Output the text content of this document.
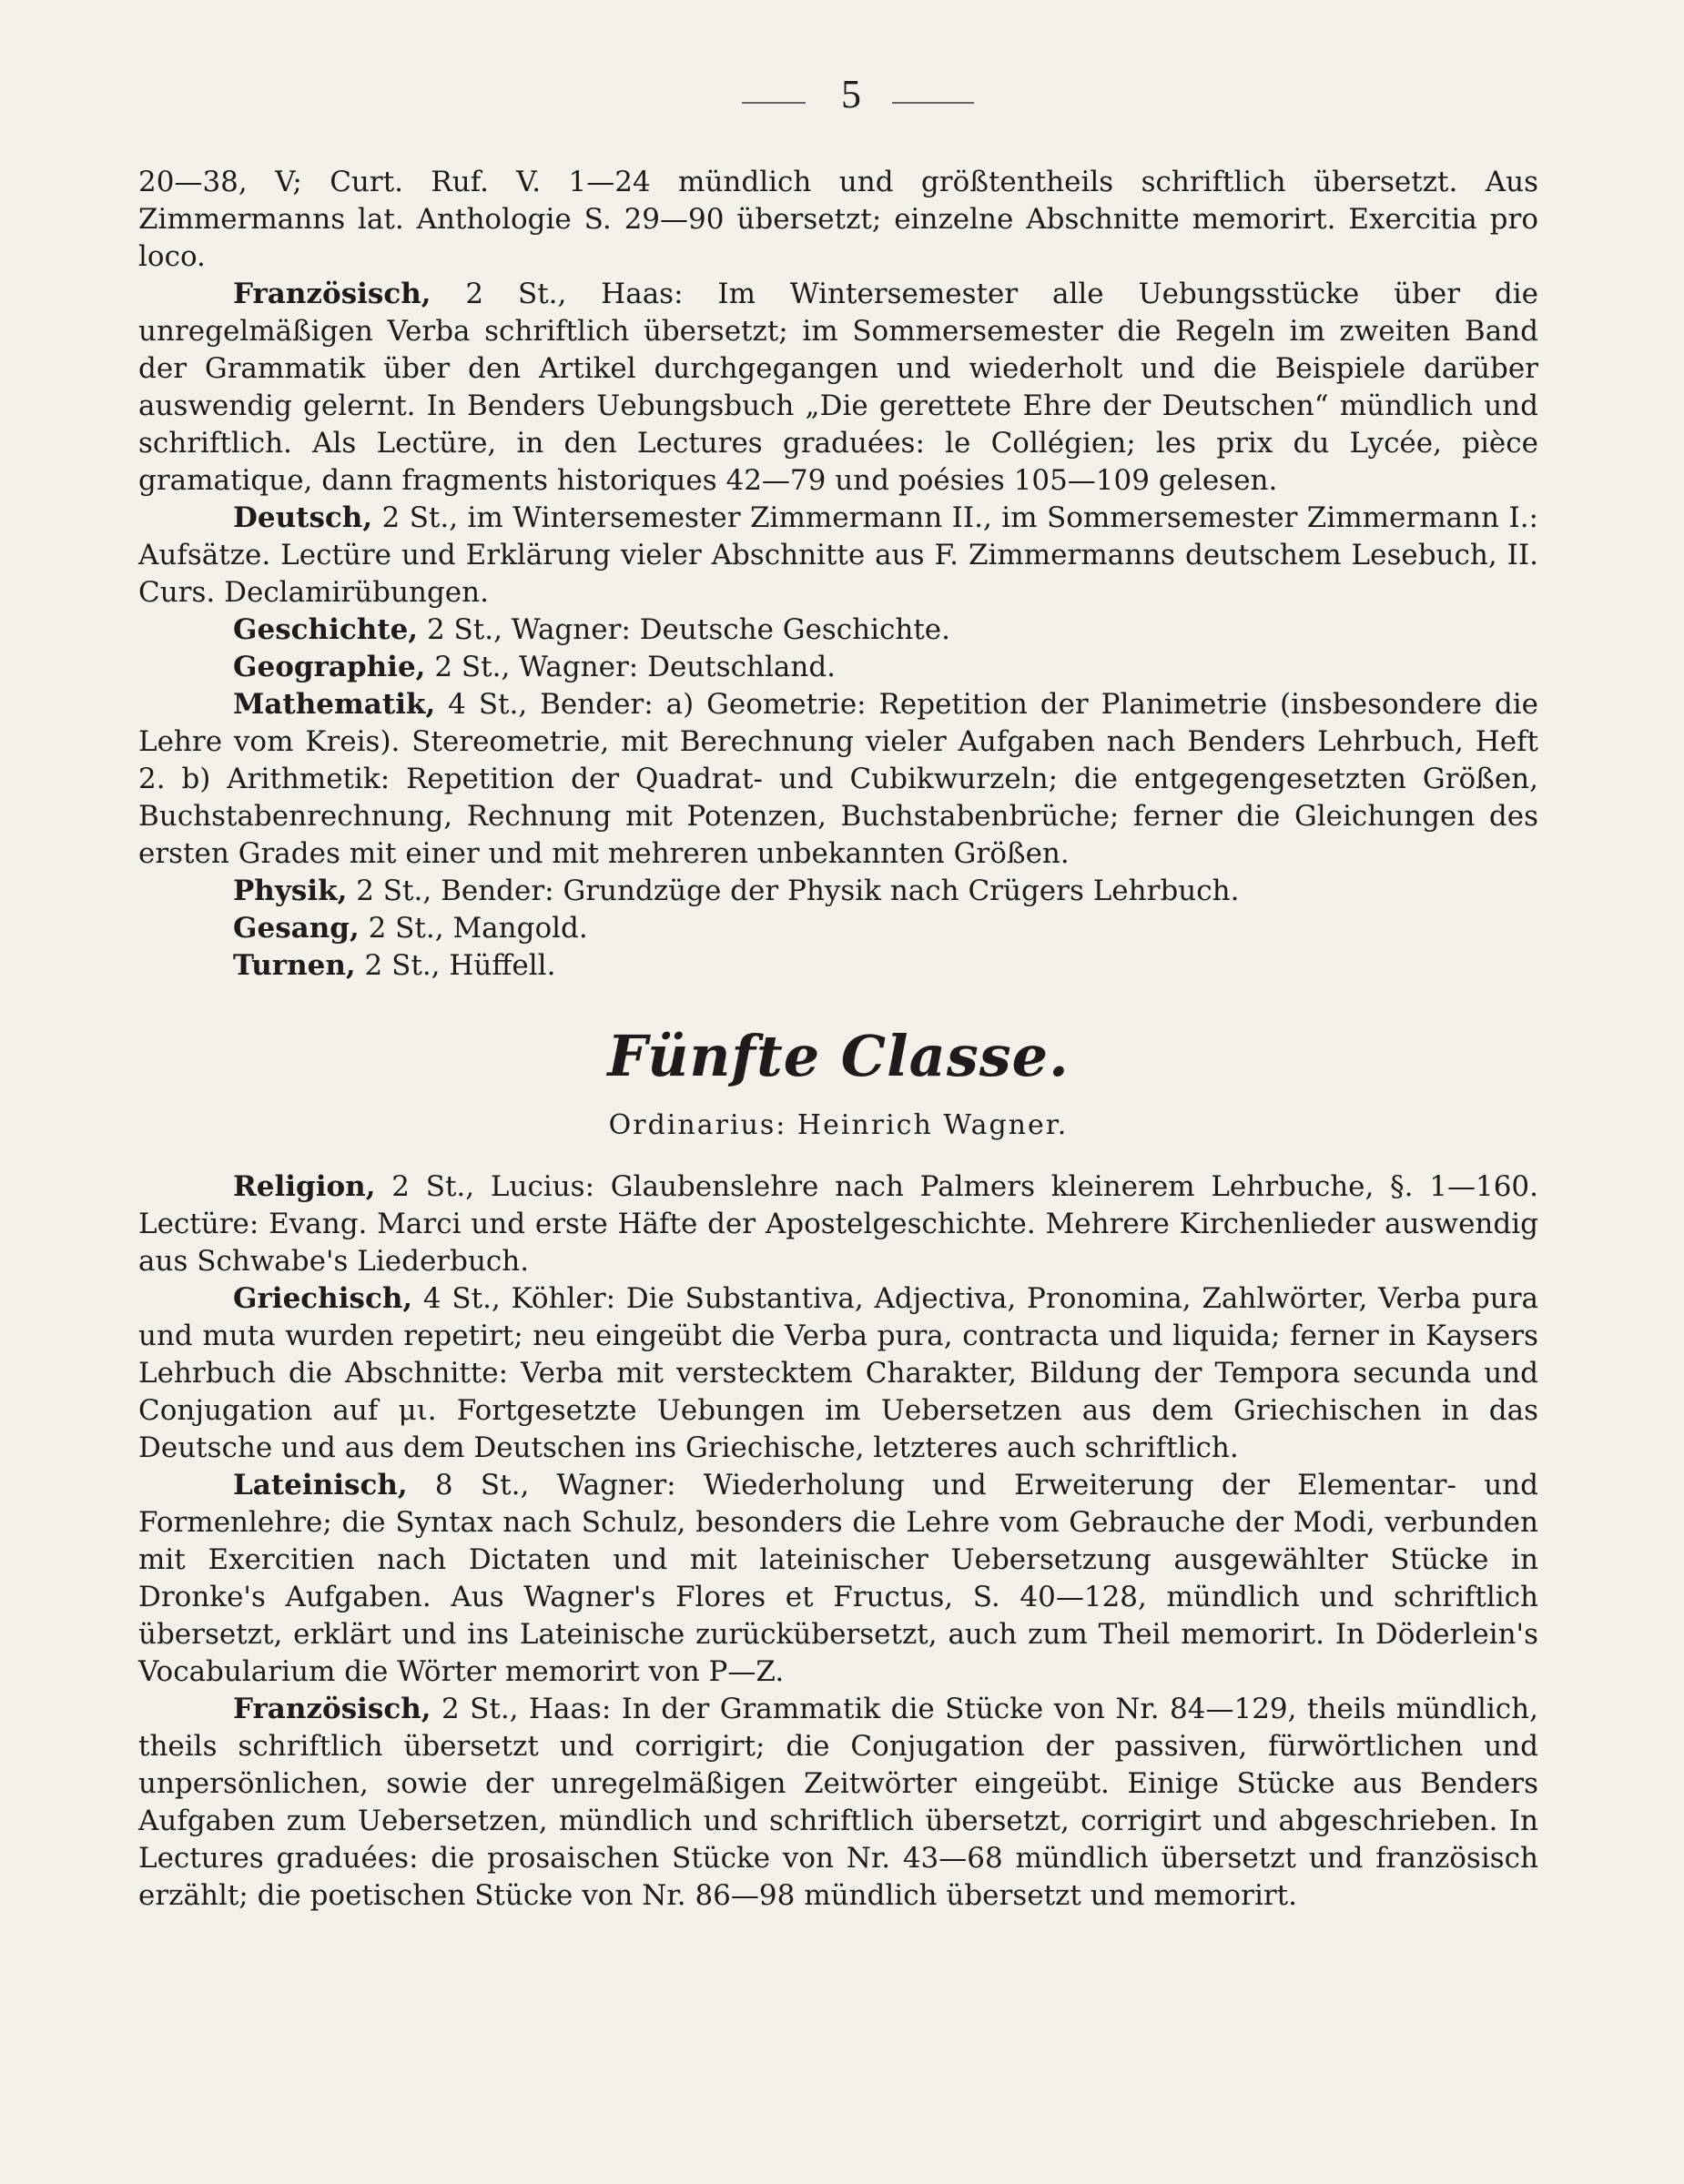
5

20—38, V; Curt. Ruf. V. 1—24 mündlich und größtentheils schriftlich übersetzt. Aus Zimmermanns lat. Anthologie S. 29—90 übersetzt; einzelne Abschnitte memorirt. Exercitia pro loco.

Französisch, 2 St., Haas: Im Wintersemester alle Uebungsstücke über die unregelmäßigen Verba schriftlich übersetzt; im Sommersemester die Regeln im zweiten Band der Grammatik über den Artikel durchgegangen und wiederholt und die Beispiele darüber auswendig gelernt. In Benders Uebungsbuch „Die gerettete Ehre der Deutschen“ mündlich und schriftlich. Als Lectüre, in den Lectures graduées: le Collégien; les prix du Lycée, pièce gramatique, dann fragments historiques 42—79 und poésies 105—109 gelesen.

Deutsch, 2 St., im Wintersemester Zimmermann II., im Sommersemester Zimmermann I.: Aufsätze. Lectüre und Erklärung vieler Abschnitte aus F. Zimmermanns deutschem Lesebuch, II. Curs. Declamirübungen.

Geschichte, 2 St., Wagner: Deutsche Geschichte.

Geographie, 2 St., Wagner: Deutschland.

Mathematik, 4 St., Bender: a) Geometrie: Repetition der Planimetrie (insbesondere die Lehre vom Kreis). Stereometrie, mit Berechnung vieler Aufgaben nach Benders Lehrbuch, Heft 2. b) Arithmetik: Repetition der Quadrat- und Cubikwurzeln; die entgegengesetzten Größen, Buchstabenrechnung, Rechnung mit Potenzen, Buchstabenbrüche; ferner die Gleichungen des ersten Grades mit einer und mit mehreren unbekannten Größen.

Physik, 2 St., Bender: Grundzüge der Physik nach Crügers Lehrbuch.

Gesang, 2 St., Mangold.

Turnen, 2 St., Hüffell.

Fünfte Classe.
Ordinarius: Heinrich Wagner.

Religion, 2 St., Lucius: Glaubenslehre nach Palmers kleinerem Lehrbuche, §. 1—160. Lectüre: Evang. Marci und erste Häfte der Apostelgeschichte. Mehrere Kirchenlieder auswendig aus Schwabe's Liederbuch.

Griechisch, 4 St., Köhler: Die Substantiva, Adjectiva, Pronomina, Zahlwörter, Verba pura und muta wurden repetirt; neu eingeübt die Verba pura, contracta und liquida; ferner in Kaysers Lehrbuch die Abschnitte: Verba mit verstecktem Charakter, Bildung der Tempora secunda und Conjugation auf μι. Fortgesetzte Uebungen im Uebersetzen aus dem Griechischen in das Deutsche und aus dem Deutschen ins Griechische, letzteres auch schriftlich.

Lateinisch, 8 St., Wagner: Wiederholung und Erweiterung der Elementar- und Formenlehre; die Syntax nach Schulz, besonders die Lehre vom Gebrauche der Modi, verbunden mit Exercitien nach Dictaten und mit lateinischer Uebersetzung ausgewählter Stücke in Dronke's Aufgaben. Aus Wagner's Flores et Fructus, S. 40—128, mündlich und schriftlich übersetzt, erklärt und ins Lateinische zurückübersetzt, auch zum Theil memorirt. In Döderlein's Vocabularium die Wörter memorirt von P—Z.

Französisch, 2 St., Haas: In der Grammatik die Stücke von Nr. 84—129, theils mündlich, theils schriftlich übersetzt und corrigirt; die Conjugation der passiven, fürwörtlichen und unpersönlichen, sowie der unregelmäßigen Zeitwörter eingeübt. Einige Stücke aus Benders Aufgaben zum Uebersetzen, mündlich und schriftlich übersetzt, corrigirt und abgeschrieben. In Lectures graduées: die prosaischen Stücke von Nr. 43—68 mündlich übersetzt und französisch erzählt; die poetischen Stücke von Nr. 86—98 mündlich übersetzt und memorirt.
